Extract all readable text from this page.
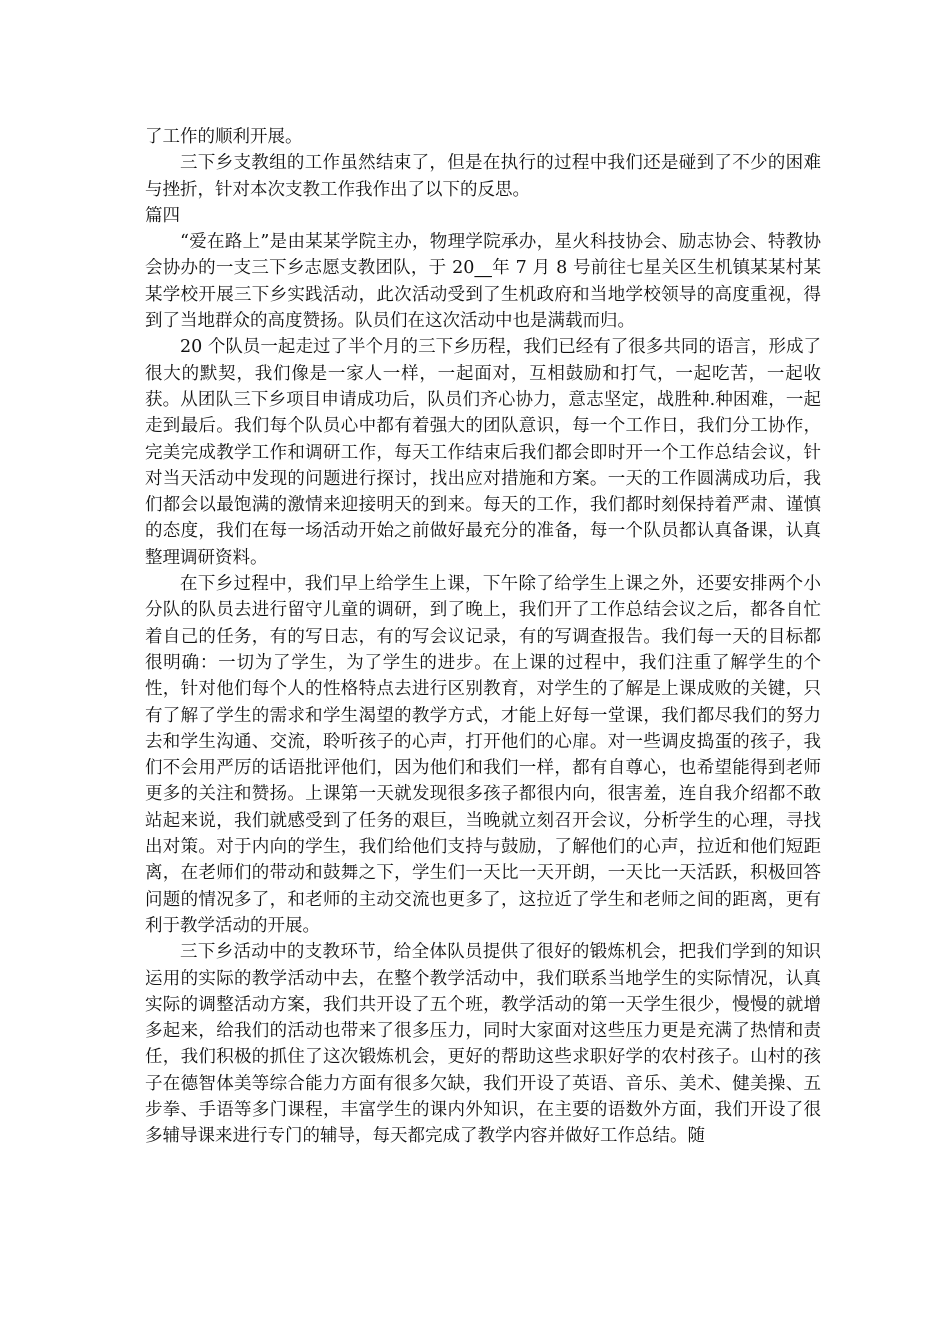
了工作的顺利开展。

三下乡支教组的工作虽然结束了，但是在执行的过程中我们还是碰到了不少的困难与挫折，针对本次支教工作我作出了以下的反思。

篇四

“爱在路上”是由某某学院主办，物理学院承办，星火科技协会、励志协会、特教协会协办的一支三下乡志愿支教团队，于 20__年 7 月 8 号前往七星关区生机镇某某村某某学校开展三下乡实践活动，此次活动受到了生机政府和当地学校领导的高度重视，得到了当地群众的高度赞扬。队员们在这次活动中也是满载而归。

20 个队员一起走过了半个月的三下乡历程，我们已经有了很多共同的语言，形成了很大的默契，我们像是一家人一样，一起面对，互相鼓励和打气，一起吃苦，一起收获。从团队三下乡项目申请成功后，队员们齐心协力，意志坚定，战胜种.种困难，一起走到最后。我们每个队员心中都有着强大的团队意识，每一个工作日，我们分工协作，完美完成教学工作和调研工作，每天工作结束后我们都会即时开一个工作总结会议，针对当天活动中发现的问题进行探讨，找出应对措施和方案。一天的工作圆满成功后，我们都会以最饱满的激情来迎接明天的到来。每天的工作，我们都时刻保持着严肃、谨慎的态度，我们在每一场活动开始之前做好最充分的准备，每一个队员都认真备课，认真整理调研资料。

在下乡过程中，我们早上给学生上课，下午除了给学生上课之外，还要安排两个小分队的队员去进行留守儿童的调研，到了晚上，我们开了工作总结会议之后，都各自忙着自己的任务，有的写日志，有的写会议记录，有的写调查报告。我们每一天的目标都很明确：一切为了学生，为了学生的进步。在上课的过程中，我们注重了解学生的个性，针对他们每个人的性格特点去进行区别教育，对学生的了解是上课成败的关键，只有了解了学生的需求和学生渴望的教学方式，才能上好每一堂课，我们都尽我们的努力去和学生沟通、交流，聆听孩子的心声，打开他们的心扉。对一些调皮捣蛋的孩子，我们不会用严厉的话语批评他们，因为他们和我们一样，都有自尊心，也希望能得到老师更多的关注和赞扬。上课第一天就发现很多孩子都很内向，很害羞，连自我介绍都不敢站起来说，我们就感受到了任务的艰巨，当晚就立刻召开会议，分析学生的心理，寻找出对策。对于内向的学生，我们给他们支持与鼓励，了解他们的心声，拉近和他们短距离，在老师们的带动和鼓舞之下，学生们一天比一天开朗，一天比一天活跃，积极回答问题的情况多了，和老师的主动交流也更多了，这拉近了学生和老师之间的距离，更有利于教学活动的开展。

三下乡活动中的支教环节，给全体队员提供了很好的锻炼机会，把我们学到的知识运用的实际的教学活动中去，在整个教学活动中，我们联系当地学生的实际情况，认真实际的调整活动方案，我们共开设了五个班，教学活动的第一天学生很少，慢慢的就增多起来，给我们的活动也带来了很多压力，同时大家面对这些压力更是充满了热情和责任，我们积极的抓住了这次锻炼机会，更好的帮助这些求职好学的农村孩子。山村的孩子在德智体美等综合能力方面有很多欠缺，我们开设了英语、音乐、美术、健美操、五步拳、手语等多门课程，丰富学生的课内外知识，在主要的语数外方面，我们开设了很多辅导课来进行专门的辅导，每天都完成了教学内容并做好工作总结。随
